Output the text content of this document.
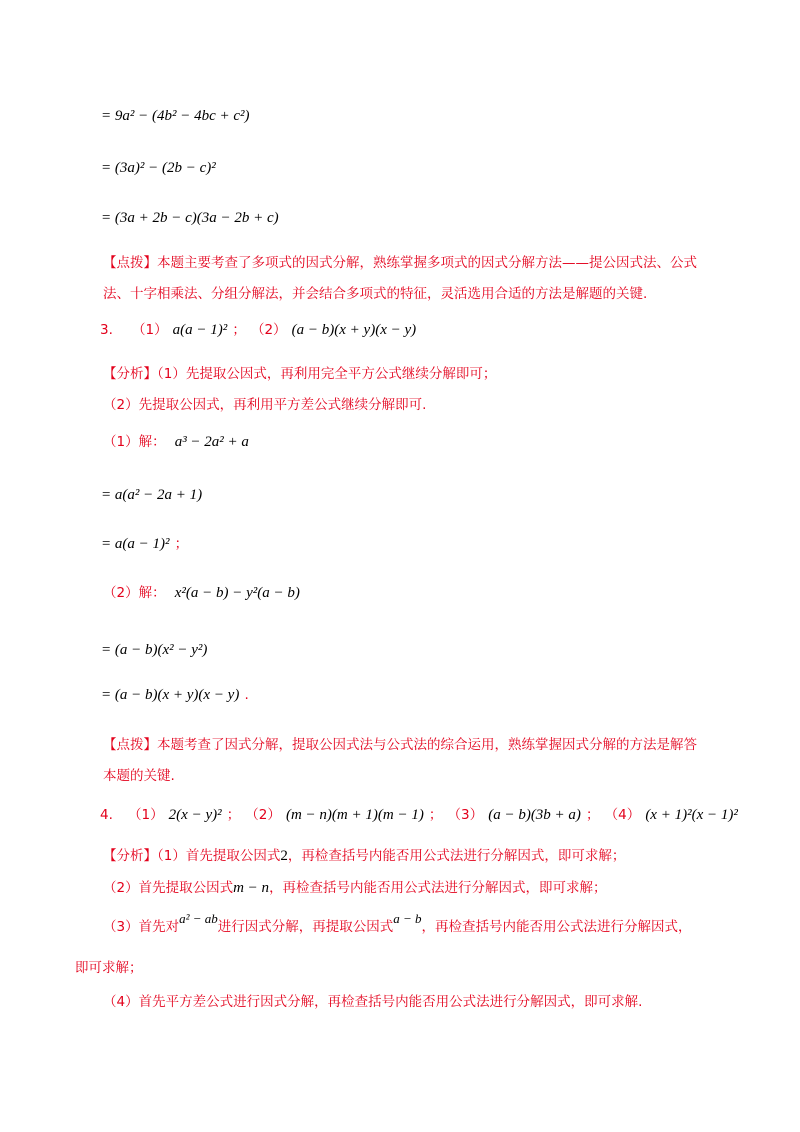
= 9a² − (4b² − 4bc + c²)
= (3a)² − (2b − c)²
= (3a + 2b − c)(3a − 2b + c)
【点拨】本题主要考查了多项式的因式分解，熟练掌握多项式的因式分解方法——提公因式法、公式
法、十字相乘法、分组分解法，并会结合多项式的特征，灵活选用合适的方法是解题的关键.
3. （1） a(a − 1)² ； （2） (a − b)(x + y)(x − y)
【分析】（1）先提取公因式，再利用完全平方公式继续分解即可；
（2）先提取公因式，再利用平方差公式继续分解即可.
（1）解： a³ − 2a² + a
= a(a² − 2a + 1)
= a(a − 1)² ；
（2）解： x²(a − b) − y²(a − b)
= (a − b)(x² − y²)
= (a − b)(x + y)(x − y) .
【点拨】本题考查了因式分解，提取公因式法与公式法的综合运用，熟练掌握因式分解的方法是解答
本题的关键.
4. （1） 2(x − y)² ； （2） (m − n)(m + 1)(m − 1) ； （3） (a − b)(3b + a) ； （4） (x + 1)²(x − 1)²
【分析】（1）首先提取公因式2，再检查括号内能否用公式法进行分解因式，即可求解；
（2）首先提取公因式m − n，再检查括号内能否用公式法进行分解因式，即可求解；
（3）首先对$^{a^2 - ab}$进行因式分解，再提取公因式$^{a - b}$，再检查括号内能否用公式法进行分解因式，
即可求解；
（4）首先平方差公式进行因式分解，再检查括号内能否用公式法进行分解因式，即可求解.
